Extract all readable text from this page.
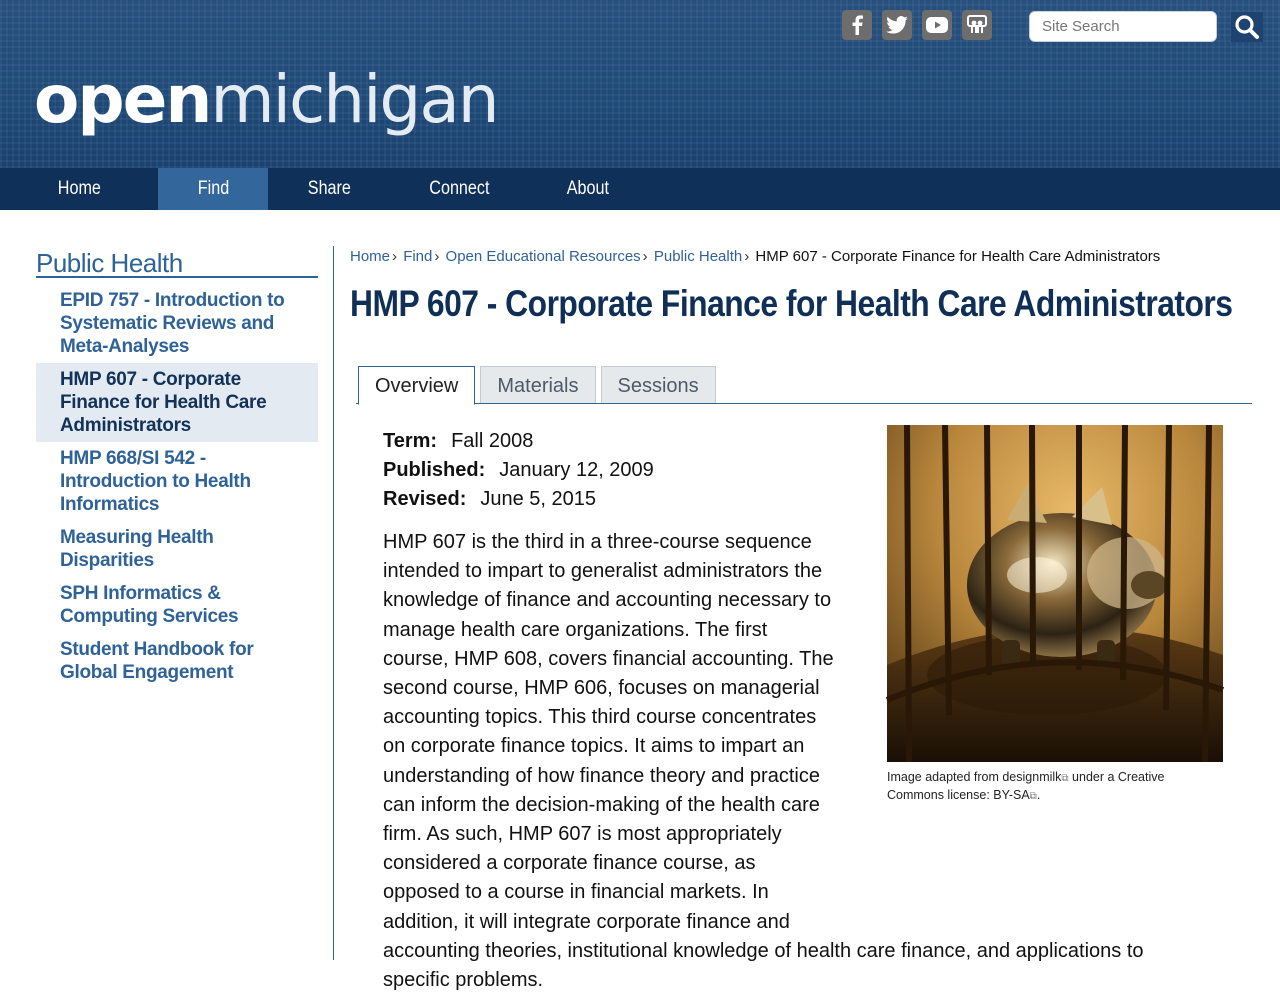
openmichigan
Site Search
Home	Find	Share	Connect	About
Public Health
EPID 757 - Introduction to Systematic Reviews and Meta-Analyses
HMP 607 - Corporate Finance for Health Care Administrators
HMP 668/SI 542 - Introduction to Health Informatics
Measuring Health Disparities
SPH Informatics & Computing Services
Student Handbook for Global Engagement
Home › Find › Open Educational Resources › Public Health › HMP 607 - Corporate Finance for Health Care Administrators
HMP 607 - Corporate Finance for Health Care Administrators
Overview	Materials	Sessions
Term: Fall 2008
Published: January 12, 2009
Revised: June 5, 2015
HMP 607 is the third in a three-course sequence intended to impart to generalist administrators the knowledge of finance and accounting necessary to manage health care organizations. The first course, HMP 608, covers financial accounting. The second course, HMP 606, focuses on managerial accounting topics. This third course concentrates on corporate finance topics. It aims to impart an understanding of how finance theory and practice can inform the decision-making of the health care firm. As such, HMP 607 is most appropriately considered a corporate finance course, as opposed to a course in financial markets. In addition, it will integrate corporate finance and accounting theories, institutional knowledge of health care finance, and applications to specific problems.
Image adapted from designmilk⧉ under a Creative Commons license: BY-SA⧉.
